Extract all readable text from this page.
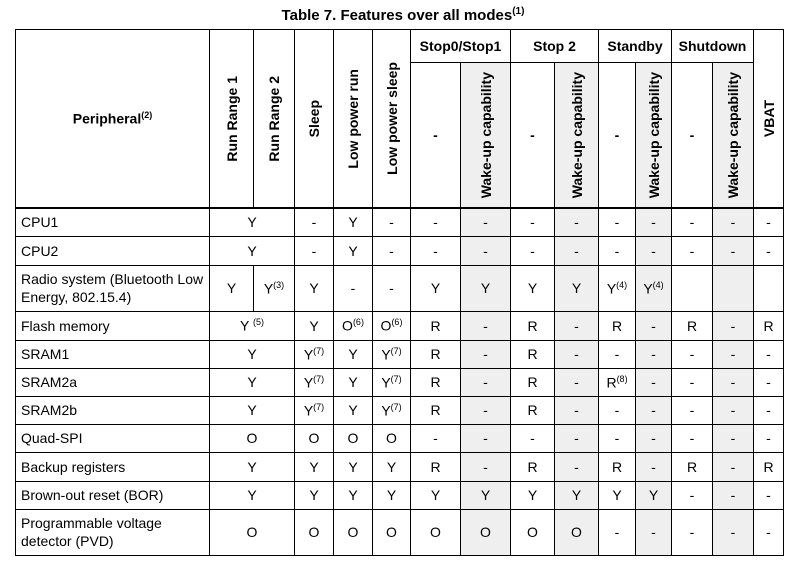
Table 7. Features over all modes$^{(1)}$
Peripheral$^{(2)}$	Run Range 1	Run Range 2	Sleep	Low power run	Low power sleep	Stop0/Stop1		Stop 2		Standby		Shutdown		VBAT

						-	Wake-up capability	-	Wake-up capability	-	Wake-up capability	-	Wake-up capability	

CPU1	Y		-	Y	-	-	-	-	-	-	-	-	-	-
CPU2	Y		-	Y	-	-	-	-	-	-	-	-	-	-
Radio system (Bluetooth Low Energy, 802.15.4)	Y	$Y^{(3)}$	Y	-	-	Y	Y	Y	Y	$Y^{(4)}$	$Y^{(4)}$			
Flash memory	Y $^{(5)}$		Y	$O^{(6)}$	$O^{(6)}$	R	-	R	-	R	-	R	-	R
SRAM1	Y		$Y^{(7)}$	Y	$Y^{(7)}$	R	-	R	-	-	-	-	-	-
SRAM2a	Y		$Y^{(7)}$	Y	$Y^{(7)}$	R	-	R	-	$R^{(8)}$	-	-	-	-
SRAM2b	Y		$Y^{(7)}$	Y	$Y^{(7)}$	R	-	R	-	-	-	-	-	-
Quad-SPI	O		O	O	O	-	-	-	-	-	-	-	-	-
Backup registers	Y		Y	Y	Y	R	-	R	-	R	-	R	-	R
Brown-out reset (BOR)	Y		Y	Y	Y	Y	Y	Y	Y	Y	Y	-	-	-
Programmable voltage detector (PVD)	O		O	O	O	O	O	O	O	-	-	-	-	-
